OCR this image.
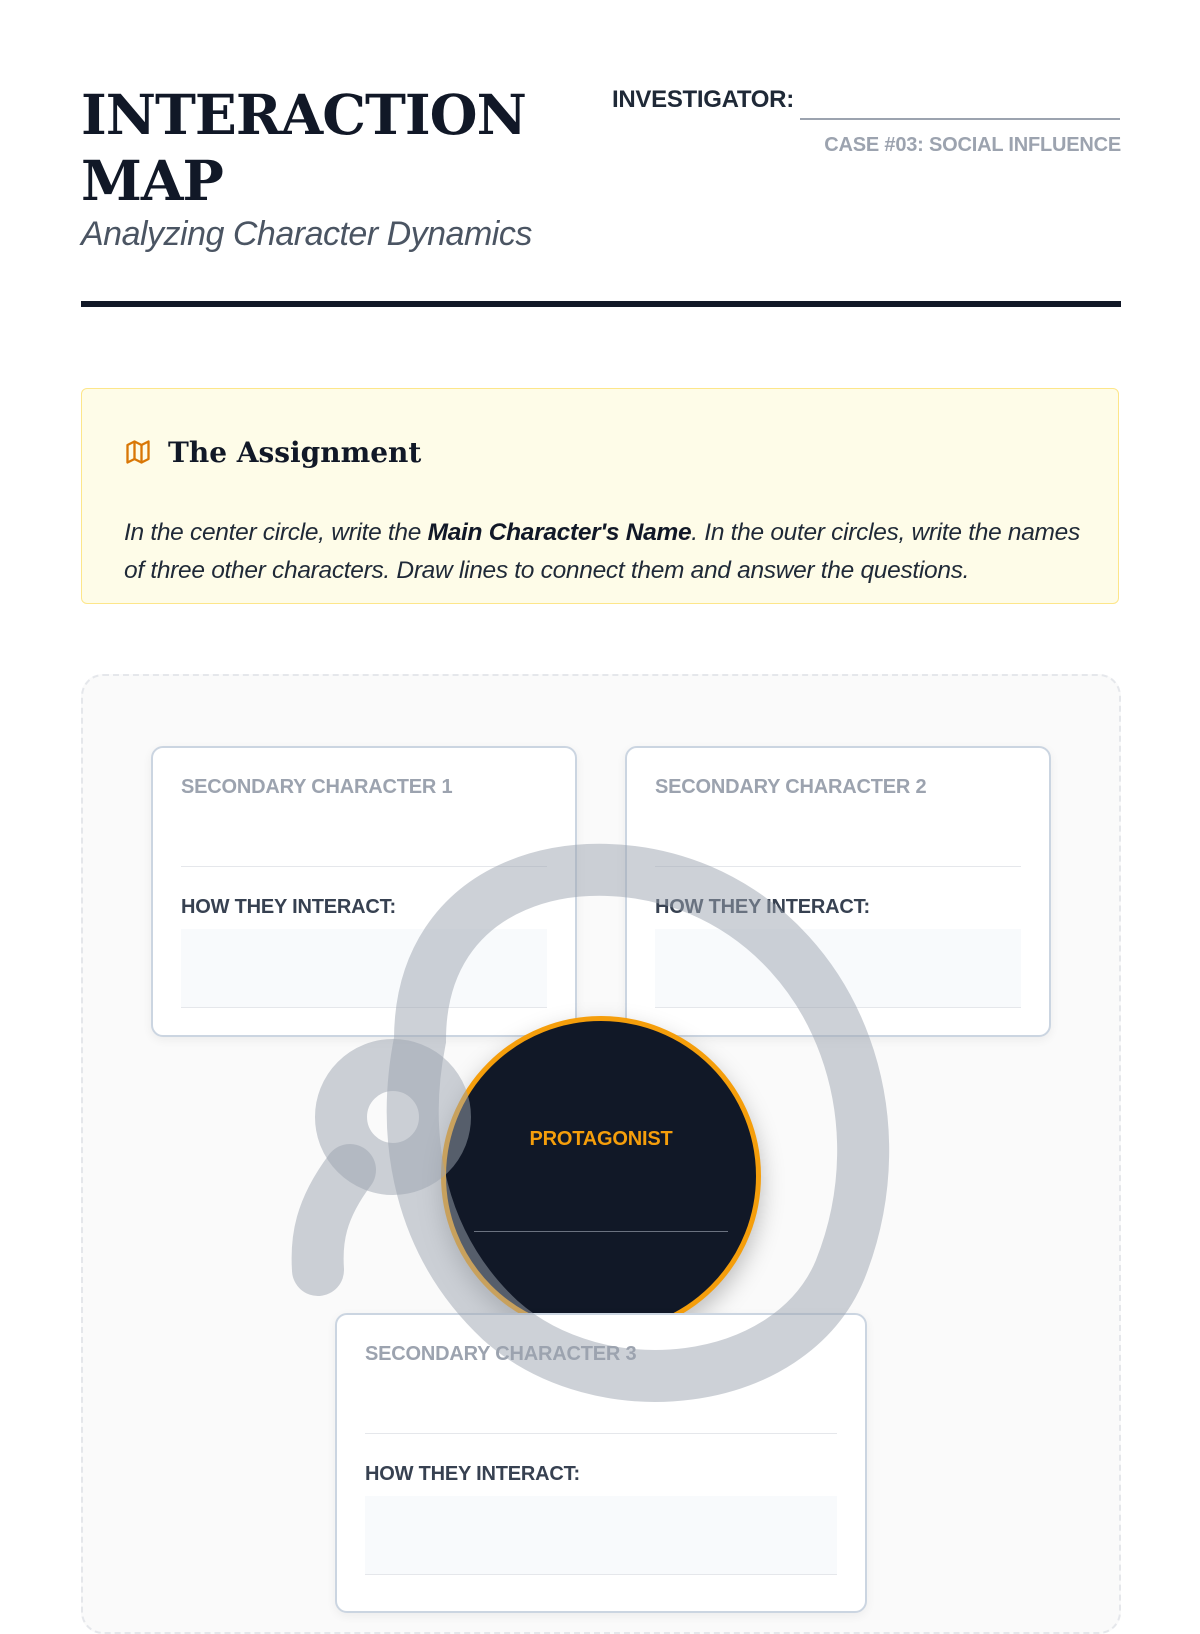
INTERACTION MAP

Analyzing Character Dynamics

INVESTIGATOR:
CASE #03: SOCIAL INFLUENCE
The Assignment

In the center circle, write the Main Character's Name. In the outer circles, write the names of three other characters. Draw lines to connect them and answer the questions.

SECONDARY CHARACTER 1
HOW THEY INTERACT:
SECONDARY CHARACTER 2
HOW THEY INTERACT:
PROTAGONIST
SECONDARY CHARACTER 3
HOW THEY INTERACT:
